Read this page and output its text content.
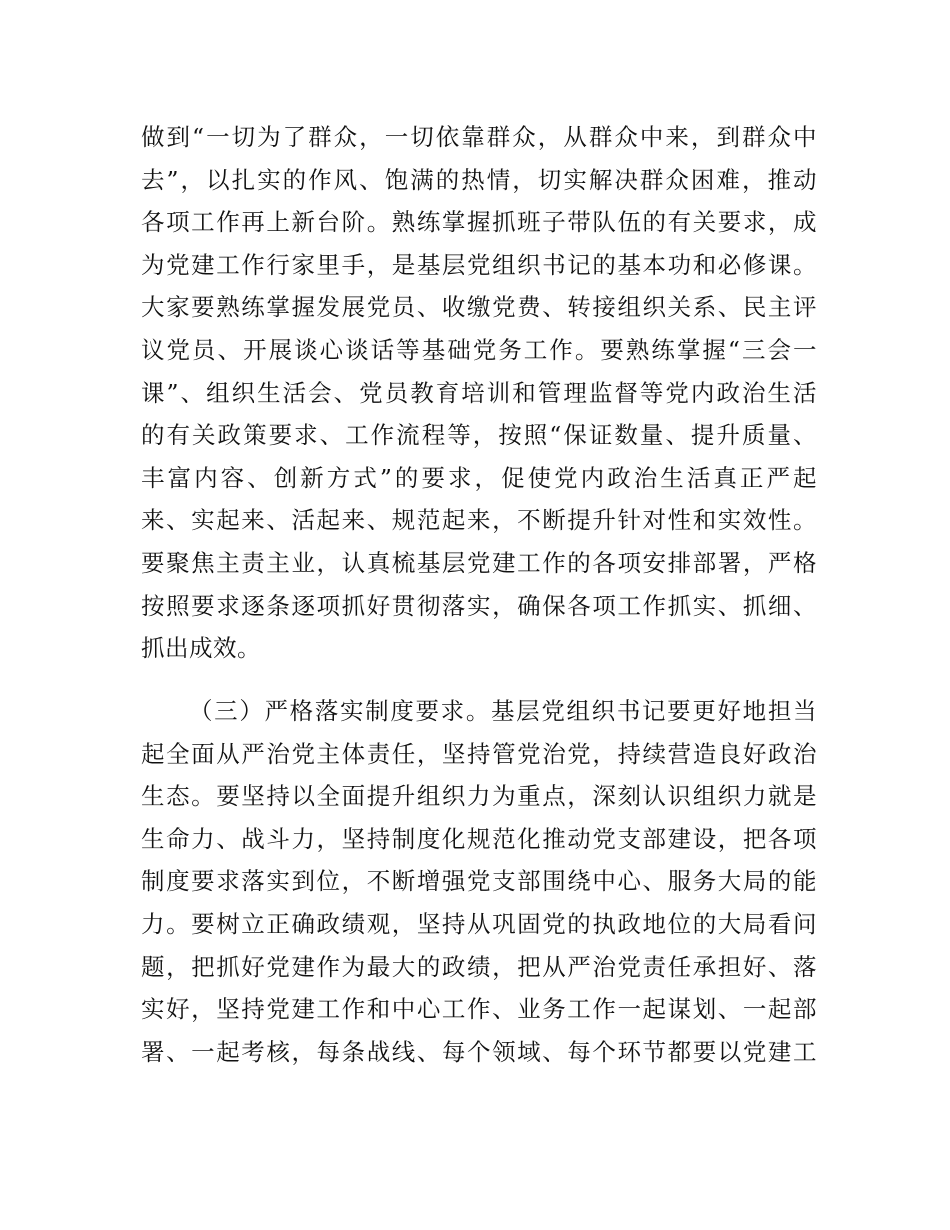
做到“一切为了群众，一切依靠群众，从群众中来，到群众中
去”，以扎实的作风、饱满的热情，切实解决群众困难，推动
各项工作再上新台阶。熟练掌握抓班子带队伍的有关要求，成
为党建工作行家里手，是基层党组织书记的基本功和必修课。
大家要熟练掌握发展党员、收缴党费、转接组织关系、民主评
议党员、开展谈心谈话等基础党务工作。要熟练掌握“三会一
课”、组织生活会、党员教育培训和管理监督等党内政治生活
的有关政策要求、工作流程等，按照“保证数量、提升质量、
丰富内容、创新方式”的要求，促使党内政治生活真正严起
来、实起来、活起来、规范起来，不断提升针对性和实效性。
要聚焦主责主业，认真梳基层党建工作的各项安排部署，严格
按照要求逐条逐项抓好贯彻落实，确保各项工作抓实、抓细、
抓出成效。
（三）严格落实制度要求。基层党组织书记要更好地担当
起全面从严治党主体责任，坚持管党治党，持续营造良好政治
生态。要坚持以全面提升组织力为重点，深刻认识组织力就是
生命力、战斗力，坚持制度化规范化推动党支部建设，把各项
制度要求落实到位，不断增强党支部围绕中心、服务大局的能
力。要树立正确政绩观，坚持从巩固党的执政地位的大局看问
题，把抓好党建作为最大的政绩，把从严治党责任承担好、落
实好，坚持党建工作和中心工作、业务工作一起谋划、一起部
署、一起考核，每条战线、每个领域、每个环节都要以党建工
